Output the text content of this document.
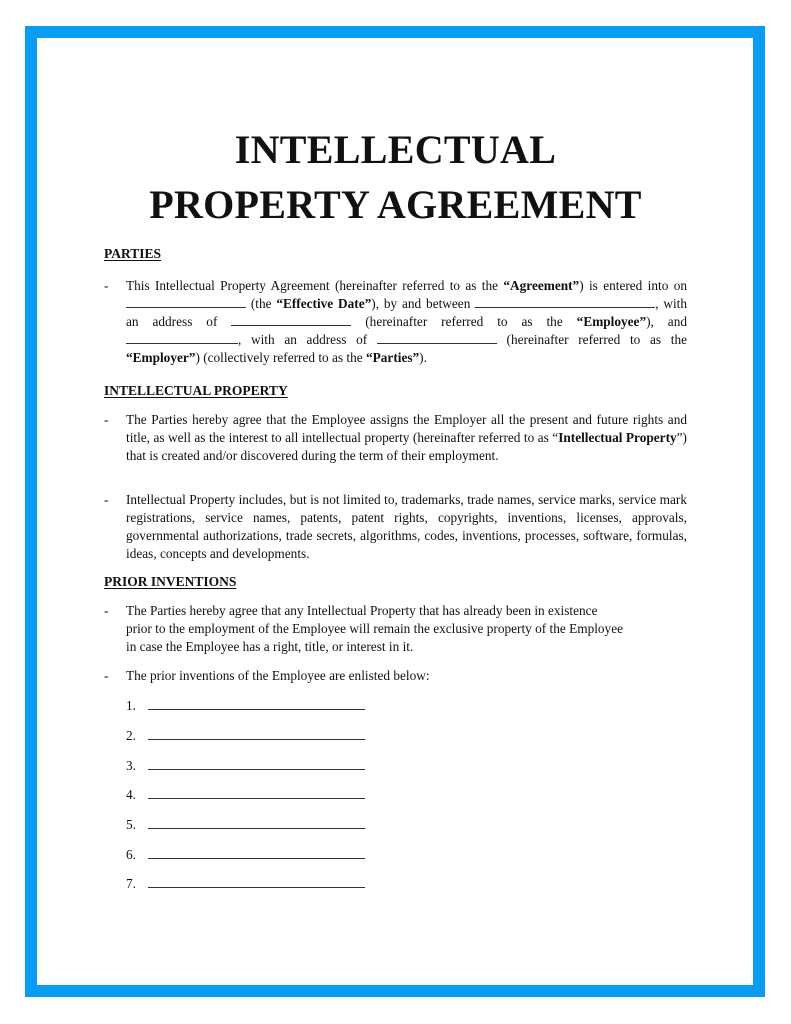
INTELLECTUAL
PROPERTY AGREEMENT
PARTIES
- This Intellectual Property Agreement (hereinafter referred to as the “Agreement”) is entered into on  (the “Effective Date”), by and between	, with an address of	(hereinafter referred to as the “Employee”), and , with an address of	(hereinafter referred to as the “Employer”) (collectively referred to as the “Parties”).
INTELLECTUAL PROPERTY
- The Parties hereby agree that the Employee assigns the Employer all the present and future rights and title, as well as the interest to all intellectual property (hereinafter referred to as “Intellectual Property”) that is created and/or discovered during the term of their employment.
- Intellectual Property includes, but is not limited to, trademarks, trade names, service marks, service mark registrations, service names, patents, patent rights, copyrights, inventions, licenses, approvals, governmental authorizations, trade secrets, algorithms, codes, inventions, processes, software, formulas, ideas, concepts and developments.
PRIOR INVENTIONS
- The Parties hereby agree that any Intellectual Property that has already been in existence
prior to the employment of the Employee will remain the exclusive property of the Employee
in case the Employee has a right, title, or interest in it.
- The prior inventions of the Employee are enlisted below:
1.
2.
3.
4.
5.
6.
7.
